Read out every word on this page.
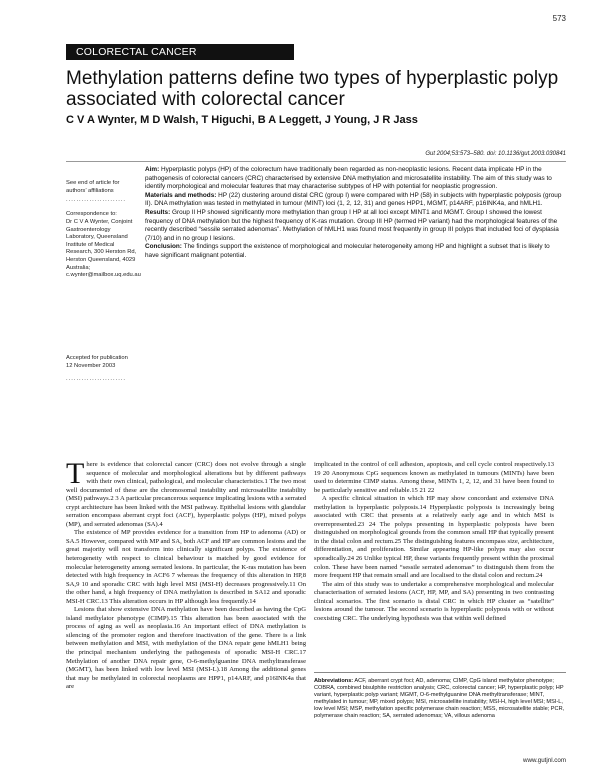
573
COLORECTAL CANCER
Methylation patterns define two types of hyperplastic polyp associated with colorectal cancer
C V A Wynter, M D Walsh, T Higuchi, B A Leggett, J Young, J R Jass
Gut 2004;53:573–580. doi: 10.1136/gut.2003.030841
See end of article for authors’ affiliations
.......................
Correspondence to:
Dr C V A Wynter, Conjoint Gastroenterology Laboratory, Queensland Institute of Medical Research, 300 Herston Rd, Herston Queensland, 4029 Australia; c.wynter@mailbox.uq.edu.au
Accepted for publication
12 November 2003
.......................

Aim: Hyperplastic polyps (HP) of the colorectum have traditionally been regarded as non-neoplastic lesions. Recent data implicate HP in the pathogenesis of colorectal cancers (CRC) characterised by extensive DNA methylation and microsatellite instability. The aim of this study was to identify morphological and molecular features that may characterise subtypes of HP with potential for neoplastic progression.

Materials and methods: HP (22) clustering around distal CRC (group I) were compared with HP (58) in subjects with hyperplastic polyposis (group II). DNA methylation was tested in methylated in tumour (MINT) loci (1, 2, 12, 31) and genes HPP1, MGMT, p14ARF, p16INK4a, and hMLH1.

Results: Group II HP showed significantly more methylation than group I HP at all loci except MINT1 and MGMT. Group I showed the lowest frequency of DNA methylation but the highest frequency of K-ras mutation. Group III HP (termed HP variant) had the morphological features of the recently described “sessile serrated adenomas”. Methylation of hMLH1 was found most frequently in group III polyps that included foci of dysplasia (7/10) and in no group I lesions.

Conclusion: The findings support the existence of morphological and molecular heterogeneity among HP and highlight a subset that is likely to have significant malignant potential.

There is evidence that colorectal cancer (CRC) does not evolve through a single sequence of molecular and morphological alterations but by different pathways with their own clinical, pathological, and molecular characteristics.1 The two most well documented of these are the chromosomal instability and microsatellite instability (MSI) pathways.2 3 A particular precancerous sequence implicating lesions with a serrated crypt architecture has been linked with the MSI pathway. Epithelial lesions with glandular serration encompass aberrant crypt foci (ACF), hyperplastic polyps (HP), mixed polyps (MP), and serrated adenomas (SA).4

The existence of MP provides evidence for a transition from HP to adenoma (AD) or SA.5 However, compared with MP and SA, both ACF and HP are common lesions and the great majority will not transform into clinically significant polyps. The existence of heterogeneity with respect to clinical behaviour is matched by good evidence for molecular heterogeneity among serrated lesions. In particular, the K-ras mutation has been detected with high frequency in ACF6 7 whereas the frequency of this alteration in HP,8 SA,9 10 and sporadic CRC with high level MSI (MSI-H) decreases progressively.11 On the other hand, a high frequency of DNA methylation is described in SA12 and sporadic MSI-H CRC.13 This alteration occurs in HP although less frequently.14

Lesions that show extensive DNA methylation have been described as having the CpG island methylator phenotype (CIMP).15 This alteration has been associated with the process of aging as well as neoplasia.16 An important effect of DNA methylation is silencing of the promoter region and therefore inactivation of the gene. There is a link between methylation and MSI, with methylation of the DNA repair gene hMLH1 being the principal mechanism underlying the pathogenesis of sporadic MSI-H CRC.17 Methylation of another DNA repair gene, O-6-methylguanine DNA methyltransferase (MGMT), has been linked with low level MSI (MSI-L).18 Among the additional genes that may be methylated in colorectal neoplasms are HPP1, p14ARF, and p16INK4a that are

implicated in the control of cell adhesion, apoptosis, and cell cycle control respectively.13 19 20 Anonymous CpG sequences known as methylated in tumours (MINTs) have been used to determine CIMP status. Among these, MINTs 1, 2, 12, and 31 have been found to be particularly sensitive and reliable.15 21 22

A specific clinical situation in which HP may show concordant and extensive DNA methylation is hyperplastic polyposis.14 Hyperplastic polyposis is increasingly being associated with CRC that presents at a relatively early age and in which MSI is overrepresented.23 24 The polyps presenting in hyperplastic polyposis have been distinguished on morphological grounds from the common small HP that typically present in the distal colon and rectum.25 The distinguishing features encompass size, architecture, differentiation, and proliferation. Similar appearing HP-like polyps may also occur sporadically.24 26 Unlike typical HP, these variants frequently present within the proximal colon. These have been named “sessile serrated adenomas” to distinguish them from the more frequent HP that remain small and are localised to the distal colon and rectum.24

The aim of this study was to undertake a comprehensive morphological and molecular characterisation of serrated lesions (ACF, HP, MP, and SA) presenting in two contrasting clinical scenarios. The first scenario is distal CRC in which HP cluster as “satellite” lesions around the tumour. The second scenario is hyperplastic polyposis with or without coexisting CRC. The underlying hypothesis was that within well defined

Abbreviations: ACF, aberrant crypt foci; AD, adenoma; CIMP, CpG island methylator phenotype; COBRA, combined bisulphite restriction analysis; CRC, colorectal cancer; HP, hyperplastic polyp; HP variant, hyperplastic polyp variant; MGMT, O-6-methylguanine DNA methyltransferase; MINT, methylated in tumour; MP, mixed polyps; MSI, microsatellite instability; MSI-H, high level MSI; MSI-L, low level MSI; MSP, methylation specific polymerase chain reaction; MSS, microsatellite stable; PCR, polymerase chain reaction; SA, serrated adenomas; VA, villous adenoma
www.gutjnl.com
